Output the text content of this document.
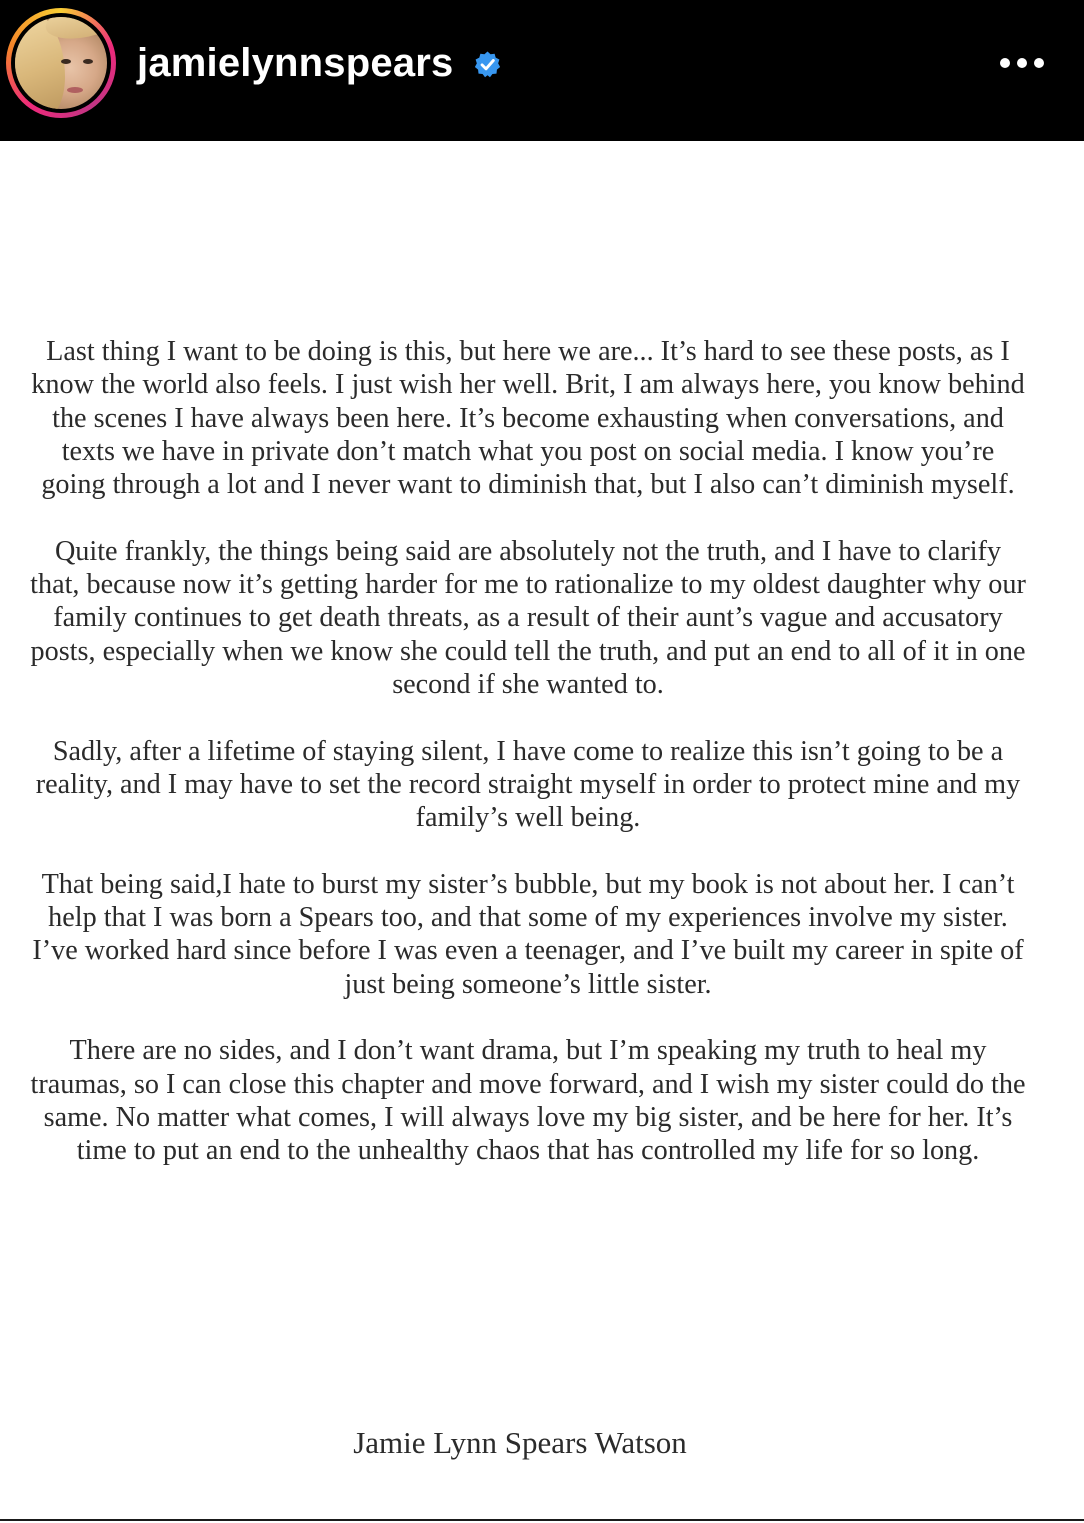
jamielynnspears

Last thing I want to be doing is this, but here we are... It’s hard to see these posts, as I know the world also feels. I just wish her well. Brit, I am always here, you know behind the scenes I have always been here. It’s become exhausting when conversations, and texts we have in private don’t match what you post on social media. I know you’re going through a lot and I never want to diminish that, but I also can’t diminish myself.

Quite frankly, the things being said are absolutely not the truth, and I have to clarify that, because now it’s getting harder for me to rationalize to my oldest daughter why our family continues to get death threats, as a result of their aunt’s vague and accusatory posts, especially when we know she could tell the truth, and put an end to all of it in one second if she wanted to.

Sadly, after a lifetime of staying silent, I have come to realize this isn’t going to be a reality, and I may have to set the record straight myself in order to protect mine and my family’s well being.

That being said,I hate to burst my sister’s bubble, but my book is not about her. I can’t help that I was born a Spears too, and that some of my experiences involve my sister. I’ve worked hard since before I was even a teenager, and I’ve built my career in spite of just being someone’s little sister.

There are no sides, and I don’t want drama, but I’m speaking my truth to heal my traumas, so I can close this chapter and move forward, and I wish my sister could do the same. No matter what comes, I will always love my big sister, and be here for her. It’s time to put an end to the unhealthy chaos that has controlled my life for so long.

Jamie Lynn Spears Watson
